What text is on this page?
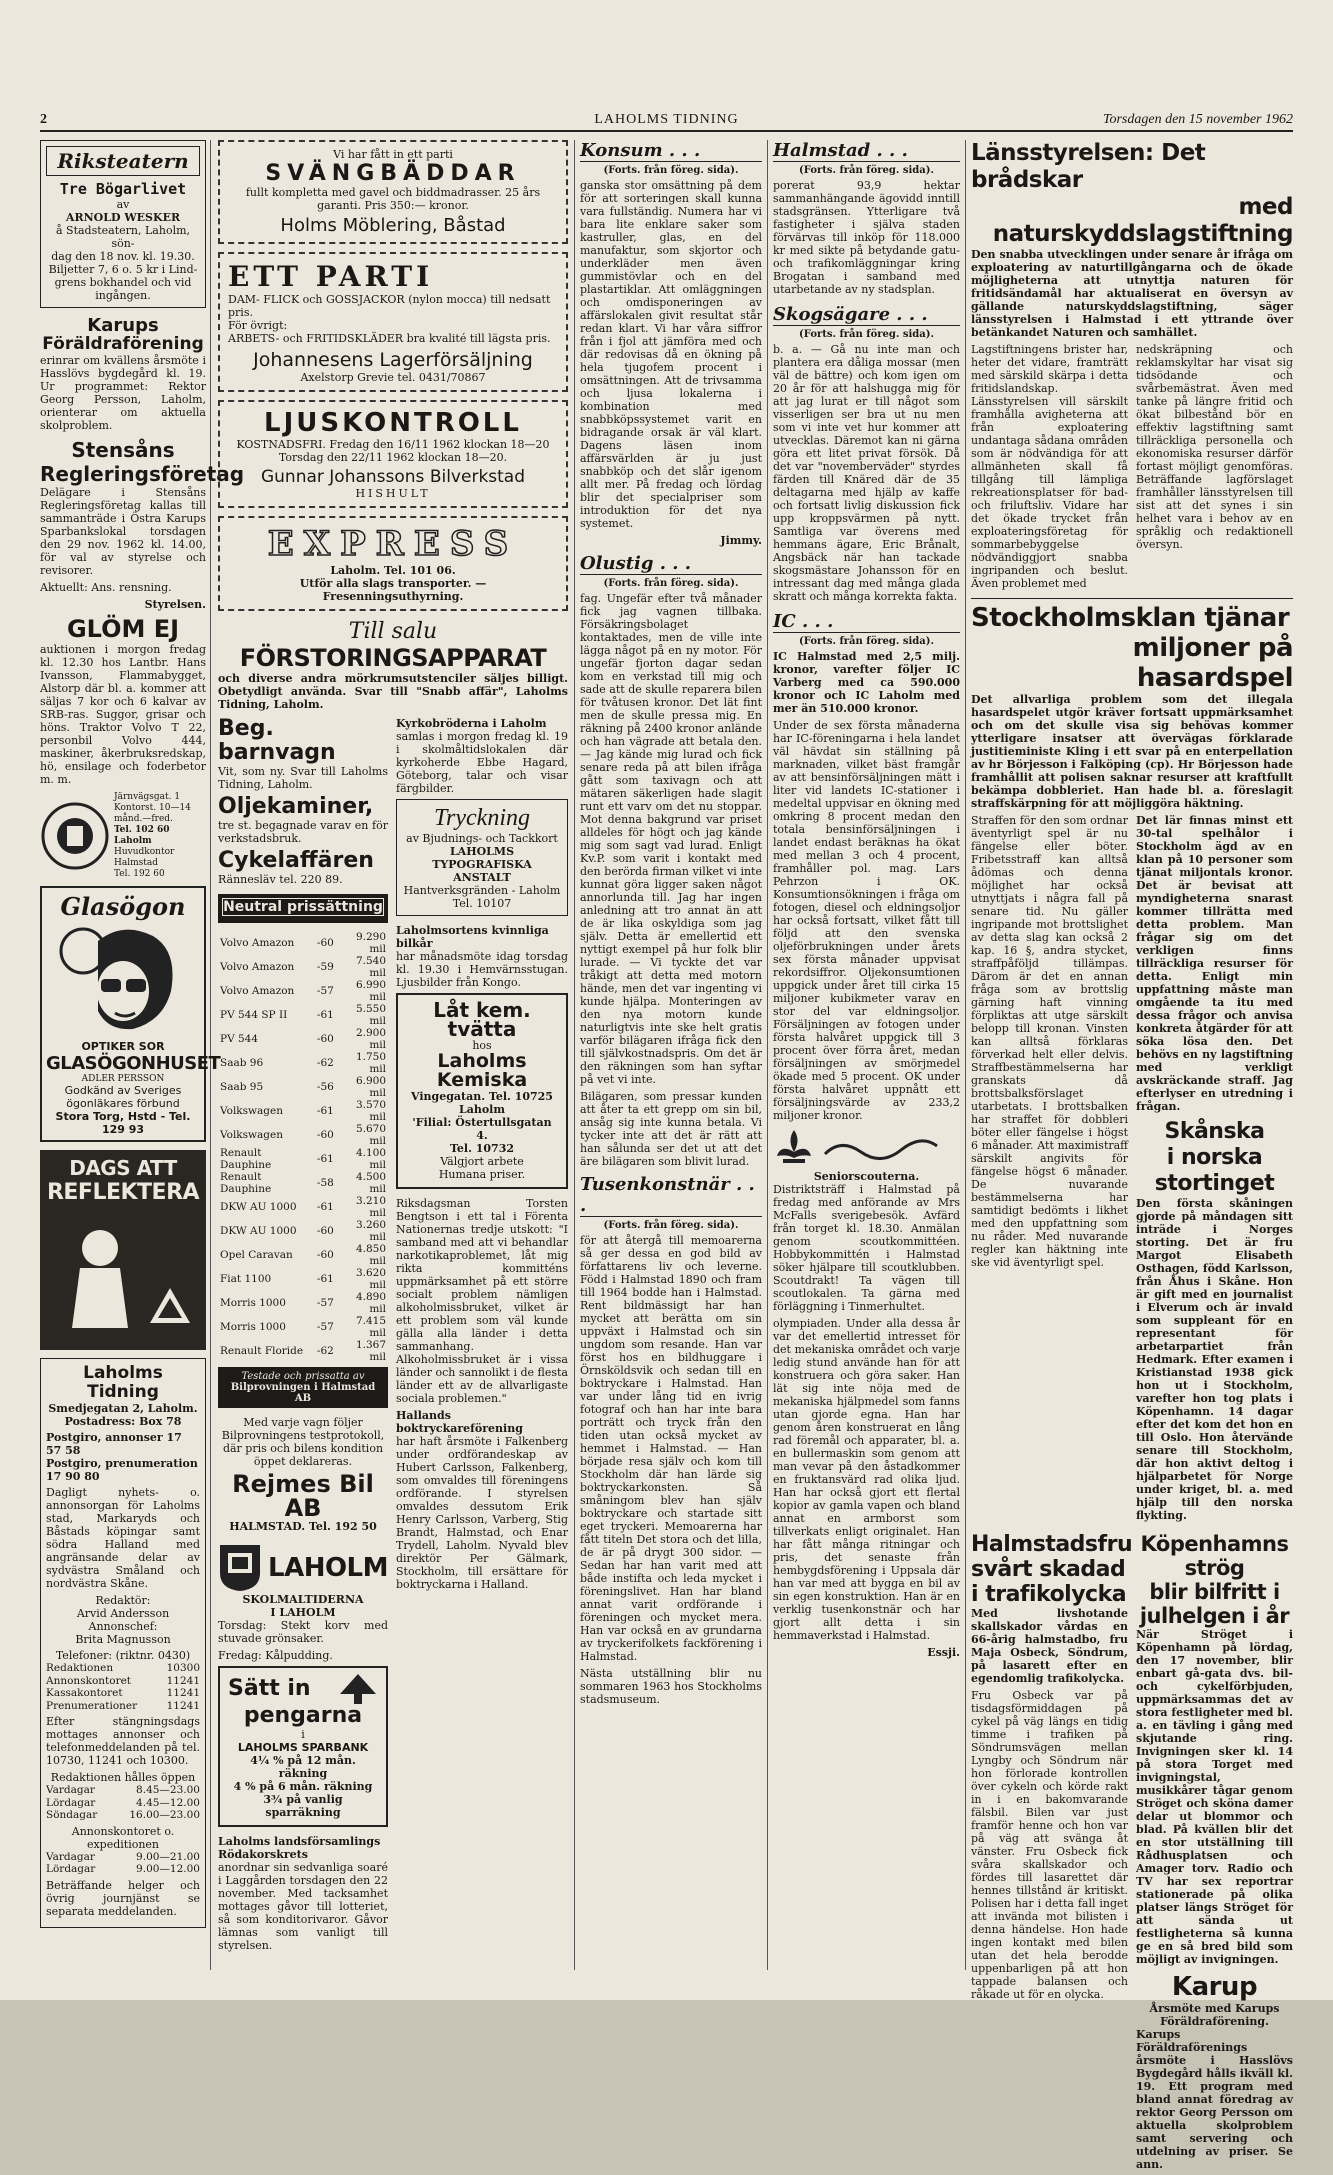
2	LAHOLMS TIDNING	Torsdagen den 15 november 1962
Riksteatern
Tre Bögarlivet
av
ARNOLD WESKER
å Stadsteatern, Laholm, sön-
dag den 18 nov. kl. 19.30.
Biljetter 7, 6 o. 5 kr i Lind-
grens bokhandel och vid
ingången.
Karups
Föräldraförening

erinrar om kvällens årsmöte i Hasslövs bygdegård kl. 19. Ur programmet: Rektor Georg Persson, Laholm, orienterar om aktuella skolproblem.

Stensåns
Regleringsföretag

Delägare i Stensåns Regleringsföretag kallas till sammanträde i Östra Karups Sparbankslokal torsdagen den 29 nov. 1962 kl. 14.00, för val av styrelse och revisorer.

Aktuellt: Ans. rensning.

Styrelsen.

GLÖM EJ

auktionen i morgon fredag kl. 12.30 hos Lantbr. Hans Ivansson, Flammabygget, Alstorp där bl. a. kommer att säljas 7 kor och 6 kalvar av SRB-ras. Suggor, grisar och höns. Traktor Volvo T 22, personbil Volvo 444, maskiner, åkerbruksredskap, hö, ensilage och foderbetor m. m.

Järnvägsgat. 1
Kontorst. 10—14
månd.—fred.
Tel. 102 60
Laholm
Huvudkontor
Halmstad
Tel. 192 60
Glasögon
OPTIKER SOR
GLASÖGONHUSET
ADLER PERSSON
Godkänd av Sveriges
ögonläkares förbund
Stora Torg, Hstd - Tel. 129 93
DAGS ATT
REFLEKTERA
Laholms Tidning
Smedjegatan 2, Laholm.
Postadress: Box 78
Postgiro, annonser 17 57 58
Postgiro, prenumeration 17 90 80

Dagligt nyhets- o. annonsorgan för Laholms stad, Markaryds och Båstads köpingar samt södra Halland med angränsande delar av sydvästra Småland och nordvästra Skåne.

Redaktör:
Arvid Andersson
Annonschef:
Brita Magnusson
Telefoner: (riktnr. 0430)
Redaktionen	10300
Annonskontoret	11241
Kassakontoret	11241
Prenumerationer	11241

Efter stängningsdags mottages annonser och telefonmeddelanden på tel. 10730, 11241 och 10300.

Redaktionen hålles öppen
Vardagar	8.45—23.00
Lördagar	4.45—12.00
Söndagar	16.00—23.00
Annonskontoret o. expeditionen
Vardagar	9.00—21.00
Lördagar	9.00—12.00

Beträffande helger och övrig journjänst se separata meddelanden.

Vi har fått in ett parti
SVÄNGBÄDDAR
fullt kompletta med gavel och biddmadrasser. 25 års
garanti. Pris 350:— kronor.
Holms Möblering, Båstad
ETT PARTI
DAM- FLICK och GOSSJACKOR (nylon mocca) till nedsatt pris.
För övrigt:
ARBETS- och FRITIDSKLÄDER bra kvalité till lägsta pris.
Johannesens Lagerförsäljning
Axelstorp Grevie tel. 0431/70867
LJUSKONTROLL
KOSTNADSFRI. Fredag den 16/11 1962 klockan 18—20
Torsdag den 22/11 1962 klockan 18—20.
Gunnar Johanssons Bilverkstad
HISHULT
EXPRESS
Laholm. Tel. 101 06.
Utför alla slags transporter. — Fresenningsuthyrning.
Till salu
FÖRSTORINGSAPPARAT

och diverse andra mörkrumsutstenciler säljes billigt. Obetydligt använda. Svar till "Snabb affär", Laholms Tidning, Laholm.

Beg. barnvagn

Vit, som ny. Svar till Laholms Tidning, Laholm.

Oljekaminer,

tre st. begagnade varav en för verkstadsbruk.

Cykelaffären
Rännesläv tel. 220 89.
Neutral prissättning
Volvo Amazon	-60	9.290 mil
Volvo Amazon	-59	7.540 mil
Volvo Amazon	-57	6.990 mil
PV 544 SP II	-61	5.550 mil
PV 544	-60	2.900 mil
Saab 96	-62	1.750 mil
Saab 95	-56	6.900 mil
Volkswagen	-61	3.570 mil
Volkswagen	-60	5.670 mil
Renault Dauphine	-61	4.100 mil
Renault Dauphine	-58	4.500 mil
DKW AU 1000	-61	3.210 mil
DKW AU 1000	-60	3.260 mil
Opel Caravan	-60	4.850 mil
Fiat 1100	-61	3.620 mil
Morris 1000	-57	4.890 mil
Morris 1000	-57	7.415 mil
Renault Floride	-62	1.367 mil
Testade och prissatta av
Bilprovningen i Halmstad AB

Med varje vagn följer Bilprovningens testprotokoll, där pris och bilens kondition öppet deklareras.

Rejmes Bil AB
HALMSTAD. Tel. 192 50
LAHOLM
SKOLMALTIDERNA
I LAHOLM

Torsdag: Stekt korv med stuvade grönsaker.

Fredag: Kålpudding.

Sätt in
pengarna
i
LAHOLMS SPARBANK
4¼ % på 12 mån. räkning
4 % på 6 mån. räkning
3¾ på vanlig sparräkning
Laholms landsförsamlings Rödakorskrets

anordnar sin sedvanliga soaré i Laggården torsdagen den 22 november. Med tacksamhet mottages gåvor till lotteriet, så som konditorivaror. Gåvor lämnas som vanligt till styrelsen.

Kyrkobröderna i Laholm

samlas i morgon fredag kl. 19 i skolmåltidslokalen där kyrkoherde Ebbe Hagard, Göteborg, talar och visar färgbilder.

Tryckning
av Bjudnings- och Tackkort
LAHOLMS TYPOGRAFISKA ANSTALT
Hantverksgränden - Laholm
Tel. 10107
Laholmsortens kvinnliga bilkår

har månadsmöte idag torsdag kl. 19.30 i Hemvärnsstugan. Ljusbilder från Kongo.

Låt kem. tvätta
hos
Laholms Kemiska
Vingegatan. Tel. 10725
Laholm
'Filial: Östertullsgatan 4.
Tel. 10732
Välgjort arbete
Humana priser.

Riksdagsman Torsten Bengtson i ett tal i Förenta Nationernas tredje utskott: "I samband med att vi behandlar narkotikaproblemet, låt mig rikta kommitténs uppmärksamhet på ett större socialt problem nämligen alkoholmissbruket, vilket är ett problem som väl kunde gälla alla länder i detta sammanhang. Alkoholmissbruket är i vissa länder och sannolikt i de flesta länder ett av de allvarligaste sociala problemen."

Hallands boktryckareförening

har haft årsmöte i Falkenberg under ordförandeskap av Hubert Carlsson, Falkenberg, som omvaldes till föreningens ordförande. I styrelsen omvaldes dessutom Erik Henry Carlsson, Varberg, Stig Brandt, Halmstad, och Enar Trydell, Laholm. Nyvald blev direktör Per Gälmark, Stockholm, till ersättare för boktryckarna i Halland.

Konsum . . .
(Forts. från föreg. sida).

ganska stor omsättning på dem för att sorteringen skall kunna vara fullständig. Numera har vi bara lite enklare saker som kastruller, glas, en del manufaktur, som skjortor och underkläder men även gummistövlar och en del plastartiklar. Att omläggningen och omdisponeringen av affärslokalen givit resultat står redan klart. Vi har våra siffror från i fjol att jämföra med och där redovisas då en ökning på hela tjugofem procent i omsättningen. Att de trivsamma och ljusa lokalerna i kombination med snabbköpssystemet varit en bidragande orsak är väl klart. Dagens läsen inom affärsvärlden är ju just snabbköp och det slår igenom allt mer. På fredag och lördag blir det specialpriser som introduktion för det nya systemet.

Jimmy.

Olustig . . .
(Forts. från föreg. sida).

fag. Ungefär efter två månader fick jag vagnen tillbaka. Försäkringsbolaget kontaktades, men de ville inte lägga något på en ny motor. För ungefär fjorton dagar sedan kom en verkstad till mig och sade att de skulle reparera bilen för tvåtusen kronor. Det lät fint men de skulle pressa mig. En räkning på 2400 kronor anlände och han vägrade att betala den. — Jag kände mig lurad och fick senare reda på att bilen ifråga gått som taxivagn och att mätaren säkerligen hade slagit runt ett varv om det nu stoppar. Mot denna bakgrund var priset alldeles för högt och jag kände mig som sagt vad lurad. Enligt Kv.P. som varit i kontakt med den berörda firman vilket vi inte kunnat göra ligger saken något annorlunda till. Jag har ingen anledning att tro annat än att de är lika oskyldiga som jag själv. Detta är emellertid ett nyttigt exempel på hur folk blir lurade. — Vi tyckte det var tråkigt att detta med motorn hände, men det var ingenting vi kunde hjälpa. Monteringen av den nya motorn kunde naturligtvis inte ske helt gratis varför bilägaren ifråga fick den till självkostnadspris. Om det är den räkningen som han syftar på vet vi inte.

Bilägaren, som pressar kunden att åter ta ett grepp om sin bil, ansåg sig inte kunna betala. Vi tycker inte att det är rätt att han sålunda ser det ut att det äre bilägaren som blivit lurad.

Tusenkonstnär . . .
(Forts. från föreg. sida).

för att återgå till memoarerna så ger dessa en god bild av författarens liv och leverne. Född i Halmstad 1890 och fram till 1964 bodde han i Halmstad. Rent bildmässigt har han mycket att berätta om sin uppväxt i Halmstad och sin ungdom som resande. Han var först hos en bildhuggare i Örnsköldsvik och sedan till en boktryckare i Halmstad. Han var under lång tid en ivrig fotograf och han har inte bara porträtt och tryck från den tiden utan också mycket av hemmet i Halmstad. — Han började resa själv och kom till Stockholm där han lärde sig boktryckarkonsten. Så småningom blev han själv boktryckare och startade sitt eget tryckeri. Memoarerna har fått titeln Det stora och det lilla, de är på drygt 300 sidor. — Sedan har han varit med att både instifta och leda mycket i föreningslivet. Han har bland annat varit ordförande i föreningen och mycket mera. Han var också en av grundarna av tryckerifolkets fackförening i Halmstad.

Nästa utställning blir nu sommaren 1963 hos Stockholms stadsmuseum.

Halmstad . . .
(Forts. från föreg. sida).

porerat 93,9 hektar sammanhängande ägovidd inntill stadsgränsen. Ytterligare två fastigheter i själva staden förvärvas till inköp för 118.000 kr med sikte på betydande gatu- och trafikomläggningar kring Brogatan i samband med utarbetande av ny stadsplan.

Skogsägare . . .
(Forts. från föreg. sida).

b. a. — Gå nu inte man och plantera era dåliga mossar (men väl de bättre) och kom igen om 20 år för att halshugga mig för att jag lurat er till något som visserligen ser bra ut nu men som vi inte vet hur kommer att utvecklas. Däremot kan ni gärna göra ett litet privat försök. Då det var "novemberväder" styrdes färden till Knäred där de 35 deltagarna med hjälp av kaffe och fortsatt livlig diskussion fick upp kroppsvärmen på nytt. Samtliga var överens med hemmans ägare, Eric Brånalt, Angsbäck när han tackade skogsmästare Johansson för en intressant dag med många glada skratt och många korrekta fakta.

IC . . .
(Forts. från föreg. sida).

IC Halmstad med 2,5 milj. kronor, varefter följer IC Varberg med ca 590.000 kronor och IC Laholm med mer än 510.000 kronor.

Under de sex första månaderna har IC-föreningarna i hela landet väl hävdat sin ställning på marknaden, vilket bäst framgår av att bensinförsäljningen mätt i liter vid landets IC-stationer i medeltal uppvisar en ökning med omkring 8 procent medan den totala bensinförsäljningen i landet endast beräknas ha ökat med mellan 3 och 4 procent, framhåller pol. mag. Lars Pehrzon i OK. Konsumtionsökningen i fråga om fotogen, diesel och eldningsoljor har också fortsatt, vilket fått till följd att den svenska oljeförbrukningen under årets sex första månader uppvisat rekordsiffror. Oljekonsumtionen uppgick under året till cirka 15 miljoner kubikmeter varav en stor del var eldningsoljor. Försäljningen av fotogen under första halvåret uppgick till 3 procent över förra året, medan försäljningen av smörjmedel ökade med 5 procent. OK under första halvåret uppnått ett försäljningsvärde av 233,2 miljoner kronor.

Seniorscouterna.

Distriktsträff i Halmstad på fredag med anförande av Mrs McFalls sverigebesök. Avfärd från torget kl. 18.30. Anmälan genom scoutkommittéen. Hobbykommittén i Halmstad söker hjälpare till scoutklubben. Scoutdrakt! Ta vägen till scoutlokalen. Ta gärna med förläggning i Tinmerhultet.

olympiaden. Under alla dessa år var det emellertid intresset för det mekaniska området och varje ledig stund använde han för att konstruera och göra saker. Han lät sig inte nöja med de mekaniska hjälpmedel som fanns utan gjorde egna. Han har genom åren konstruerat en lång rad föremål och apparater, bl. a. en bullermaskin som genom att man vevar på den åstadkommer en fruktansvärd rad olika ljud. Han har också gjort ett flertal kopior av gamla vapen och bland annat en armborst som tillverkats enligt originalet. Han har fått många ritningar och pris, det senaste från hembygdsförening i Uppsala där han var med att bygga en bil av sin egen konstruktion. Han är en verklig tusenkonstnär och har gjort allt detta i sin hemmaverkstad i Halmstad.

Essji.

Länsstyrelsen: Det brådskar
med naturskyddslagstiftning

Den snabba utvecklingen under senare år ifråga om exploatering av naturtillgångarna och de ökade möjligheterna att utnyttja naturen för fritidsändamål har aktualiserat en översyn av gällande naturskyddslagstiftning, säger länsstyrelsen i Halmstad i ett yttrande över betänkandet Naturen och samhället.

Lagstiftningens brister har, heter det vidare, framträtt med särskild skärpa i detta fritidslandskap. Länsstyrelsen vill särskilt framhålla avigheterna att från exploatering undantaga sådana områden som är nödvändiga för att allmänheten skall få tillgång till lämpliga rekreationsplatser för bad- och friluftsliv. Vidare har det ökade trycket från exploateringsföretag för sommarbebyggelse nödvändiggjort snabba ingripanden och beslut. Även problemet med

nedskräpning och reklamskyltar har visat sig tidsödande och svårbemästrat. Även med tanke på längre fritid och ökat bilbestånd bör en effektiv lagstiftning samt tillräckliga personella och ekonomiska resurser därför fortast möjligt genomföras. Beträffande lagförslaget framhåller länsstyrelsen till sist att det synes i sin helhet vara i behov av en språklig och redaktionell översyn.

Stockholmsklan tjänar
miljoner på hasardspel

Det allvarliga problem som det illegala hasardspelet utgör kräver fortsatt uppmärksamhet och om det skulle visa sig behövas kommer ytterligare insatser att övervägas förklarade justitieministe Kling i ett svar på en enterpellation av hr Börjesson i Falköping (cp). Hr Börjesson hade framhållit att polisen saknar resurser att kraftfullt bekämpa dobbleriet. Han hade bl. a. föreslagit straffskärpning för att möjliggöra häktning.

Straffen för den som ordnar äventyrligt spel är nu fängelse eller böter. Fribetsstraff kan alltså ådömas och denna möjlighet har också utnyttjats i några fall på senare tid. Nu gäller ingripande mot brottslighet av detta slag kan också 2 kap. 16 §, andra stycket, straffpåföljd tillämpas. Därom är det en annan fråga som av brottslig gärning haft vinning förpliktas att utge särskilt belopp till kronan. Vinsten kan alltså förklaras förverkad helt eller delvis. Straffbestämmelserna har granskats då brottsbalksförslaget utarbetats. I brottsbalken har straffet för dobbleri böter eller fängelse i högst 6 månader. Att maximistraff särskilt angivits för fängelse högst 6 månader. De nuvarande bestämmelserna har samtidigt bedömts i likhet med den uppfattning som nu råder. Med nuvarande regler kan häktning inte ske vid äventyrligt spel.

Det lär finnas minst ett 30-tal spelhålor i Stockholm ägd av en klan på 10 personer som tjänat miljontals kronor. Det är bevisat att myndigheterna snarast kommer tillrätta med detta problem. Man frågar sig om det verkligen finns tillräckliga resurser för detta. Enligt min uppfattning måste man omgående ta itu med dessa frågor och anvisa konkreta åtgärder för att söka lösa den. Det behövs en ny lagstiftning med verkligt avskräckande straff. Jag efterlyser en utredning i frågan.

Skånska
i norska
stortinget

Den första skåningen gjorde på måndagen sitt inträde i Norges storting. Det är fru Margot Elisabeth Osthagen, född Karlsson, från Åhus i Skåne. Hon är gift med en journalist i Elverum och är invald som suppleant för en representant för arbetarpartiet från Hedmark. Efter examen i Kristianstad 1938 gick hon ut i Stockholm, varefter hon tog plats i Köpenhamn. 14 dagar efter det kom det hon en till Oslo. Hon återvände senare till Stockholm, där hon aktivt deltog i hjälparbetet för Norge under kriget, bl. a. med hjälp till den norska flykting.

Halmstadsfru
svårt skadad
i trafikolycka

Med livshotande skallskador vårdas en 66-årig halmstadbo, fru Maja Osbeck, Söndrum, på lasarett efter en egendomlig trafikolycka.

Fru Osbeck var på tisdagsförmiddagen på cykel på väg längs en tidig timme i trafiken på Söndrumsvägen mellan Lyngby och Söndrum när hon förlorade kontrollen över cykeln och körde rakt in i en bakomvarande fälsbil. Bilen var just framför henne och hon var på väg att svänga åt vänster. Fru Osbeck fick svåra skallskador och fördes till lasarettet där hennes tillstånd är kritiskt. Polisen har i detta fall inget att invända mot bilisten i denna händelse. Hon hade ingen kontakt med bilen utan det hela berodde uppenbarligen på att hon tappade balansen och råkade ut för en olycka.

Köpenhamns strög
blir bilfritt i
julhelgen i år

När Ströget i Köpenhamn på lördag, den 17 november, blir enbart gå-gata dvs. bil- och cykelförbjuden, uppmärksammas det av stora festligheter med bl. a. en tävling i gång med skjutande ring. Invigningen sker kl. 14 på stora Torget med invigningstal, musikkårer tågar genom Ströget och sköna damer delar ut blommor och blad. På kvällen blir det en stor utställning till Rådhusplatsen och Amager torv. Radio och TV har sex reportrar stationerade på olika platser längs Ströget för att sända ut festligheterna så kunna ge en så bred bild som möjligt av invigningen.

Karup
Årsmöte med Karups Föräldraförening.

Karups Föräldraförenings årsmöte i Hasslövs Bygdegård hålls ikväll kl. 19. Ett program med bland annat föredrag av rektor Georg Persson om aktuella skolproblem samt servering och utdelning av priser. Se ann.
